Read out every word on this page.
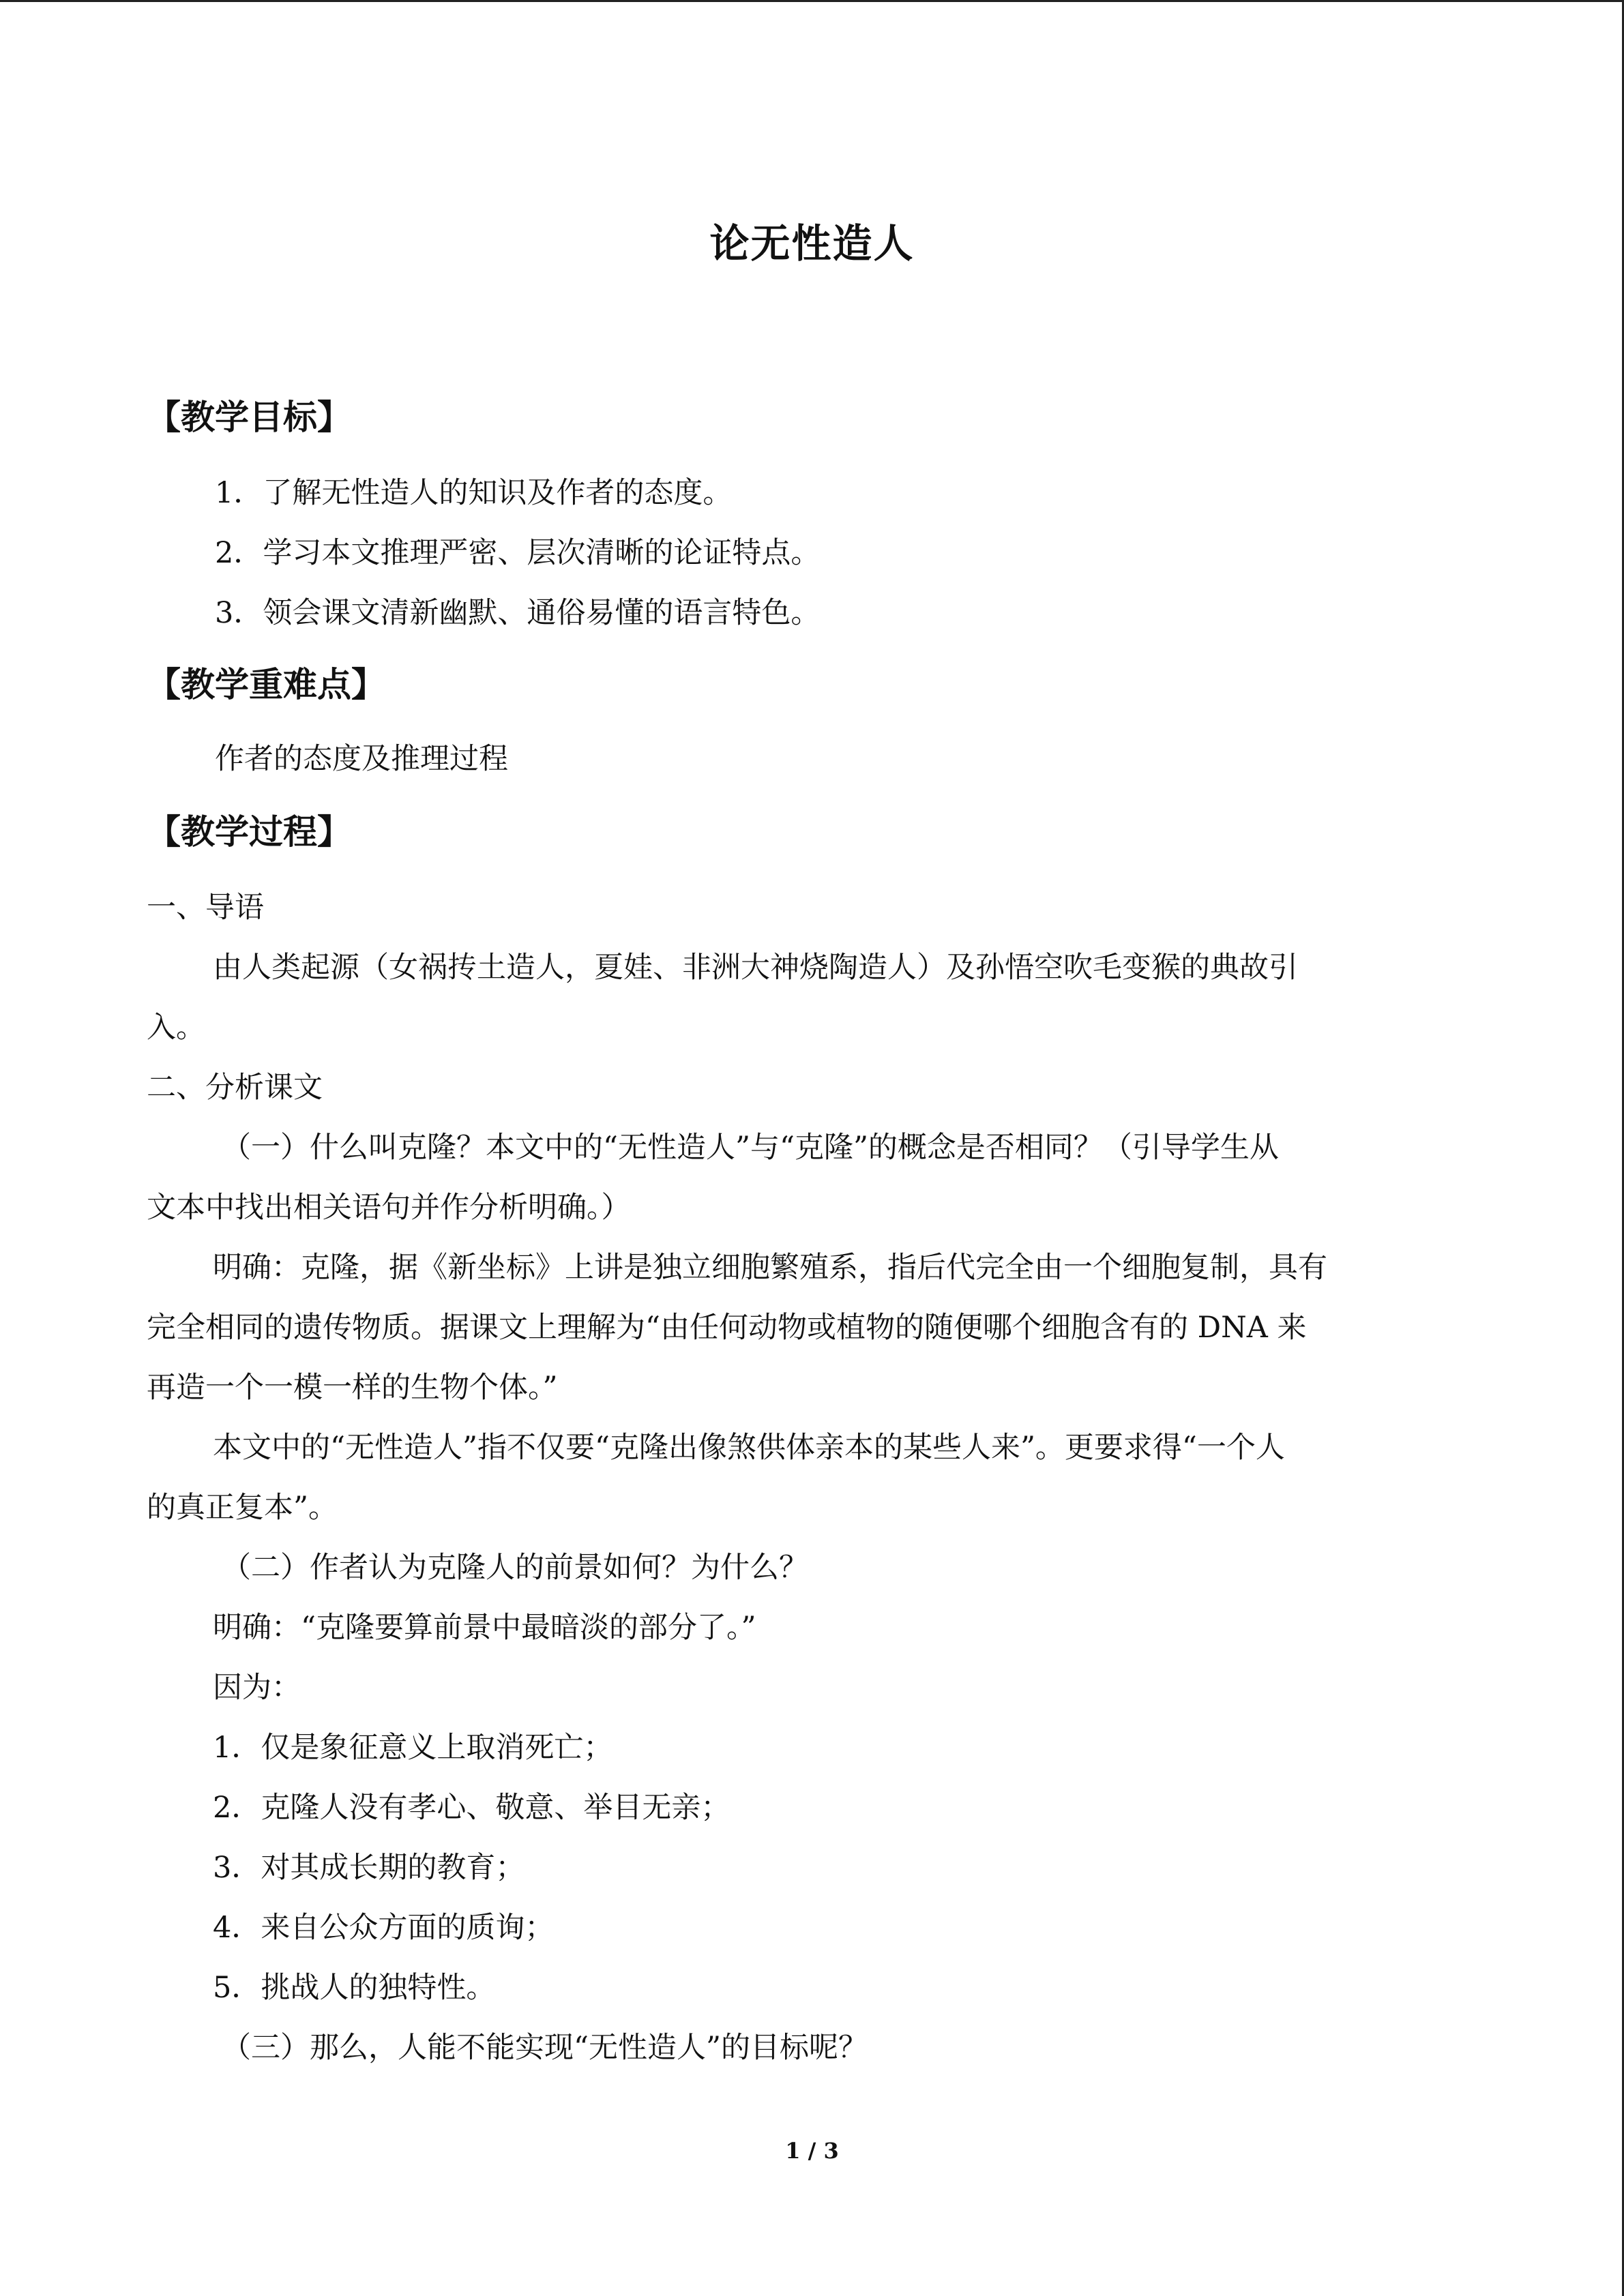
论无性造人
【教学目标】
1．了解无性造人的知识及作者的态度。
2．学习本文推理严密、层次清晰的论证特点。
3．领会课文清新幽默、通俗易懂的语言特色。
【教学重难点】
作者的态度及推理过程
【教学过程】
一、导语
由人类起源（女祸抟土造人，夏娃、非洲大神烧陶造人）及孙悟空吹毛变猴的典故引
入。
二、分析课文
（一）什么叫克隆？本文中的“无性造人”与“克隆”的概念是否相同？（引导学生从
文本中找出相关语句并作分析明确。）
明确：克隆，据《新坐标》上讲是独立细胞繁殖系，指后代完全由一个细胞复制，具有
完全相同的遗传物质。据课文上理解为“由任何动物或植物的随便哪个细胞含有的 DNA 来
再造一个一模一样的生物个体。”
本文中的“无性造人”指不仅要“克隆出像煞供体亲本的某些人来”。更要求得“一个人
的真正复本”。
（二）作者认为克隆人的前景如何？为什么？
明确：“克隆要算前景中最暗淡的部分了。”
因为：
1．仅是象征意义上取消死亡；
2．克隆人没有孝心、敬意、举目无亲；
3．对其成长期的教育；
4．来自公众方面的质询；
5．挑战人的独特性。
（三）那么，人能不能实现“无性造人”的目标呢？
1 / 3
